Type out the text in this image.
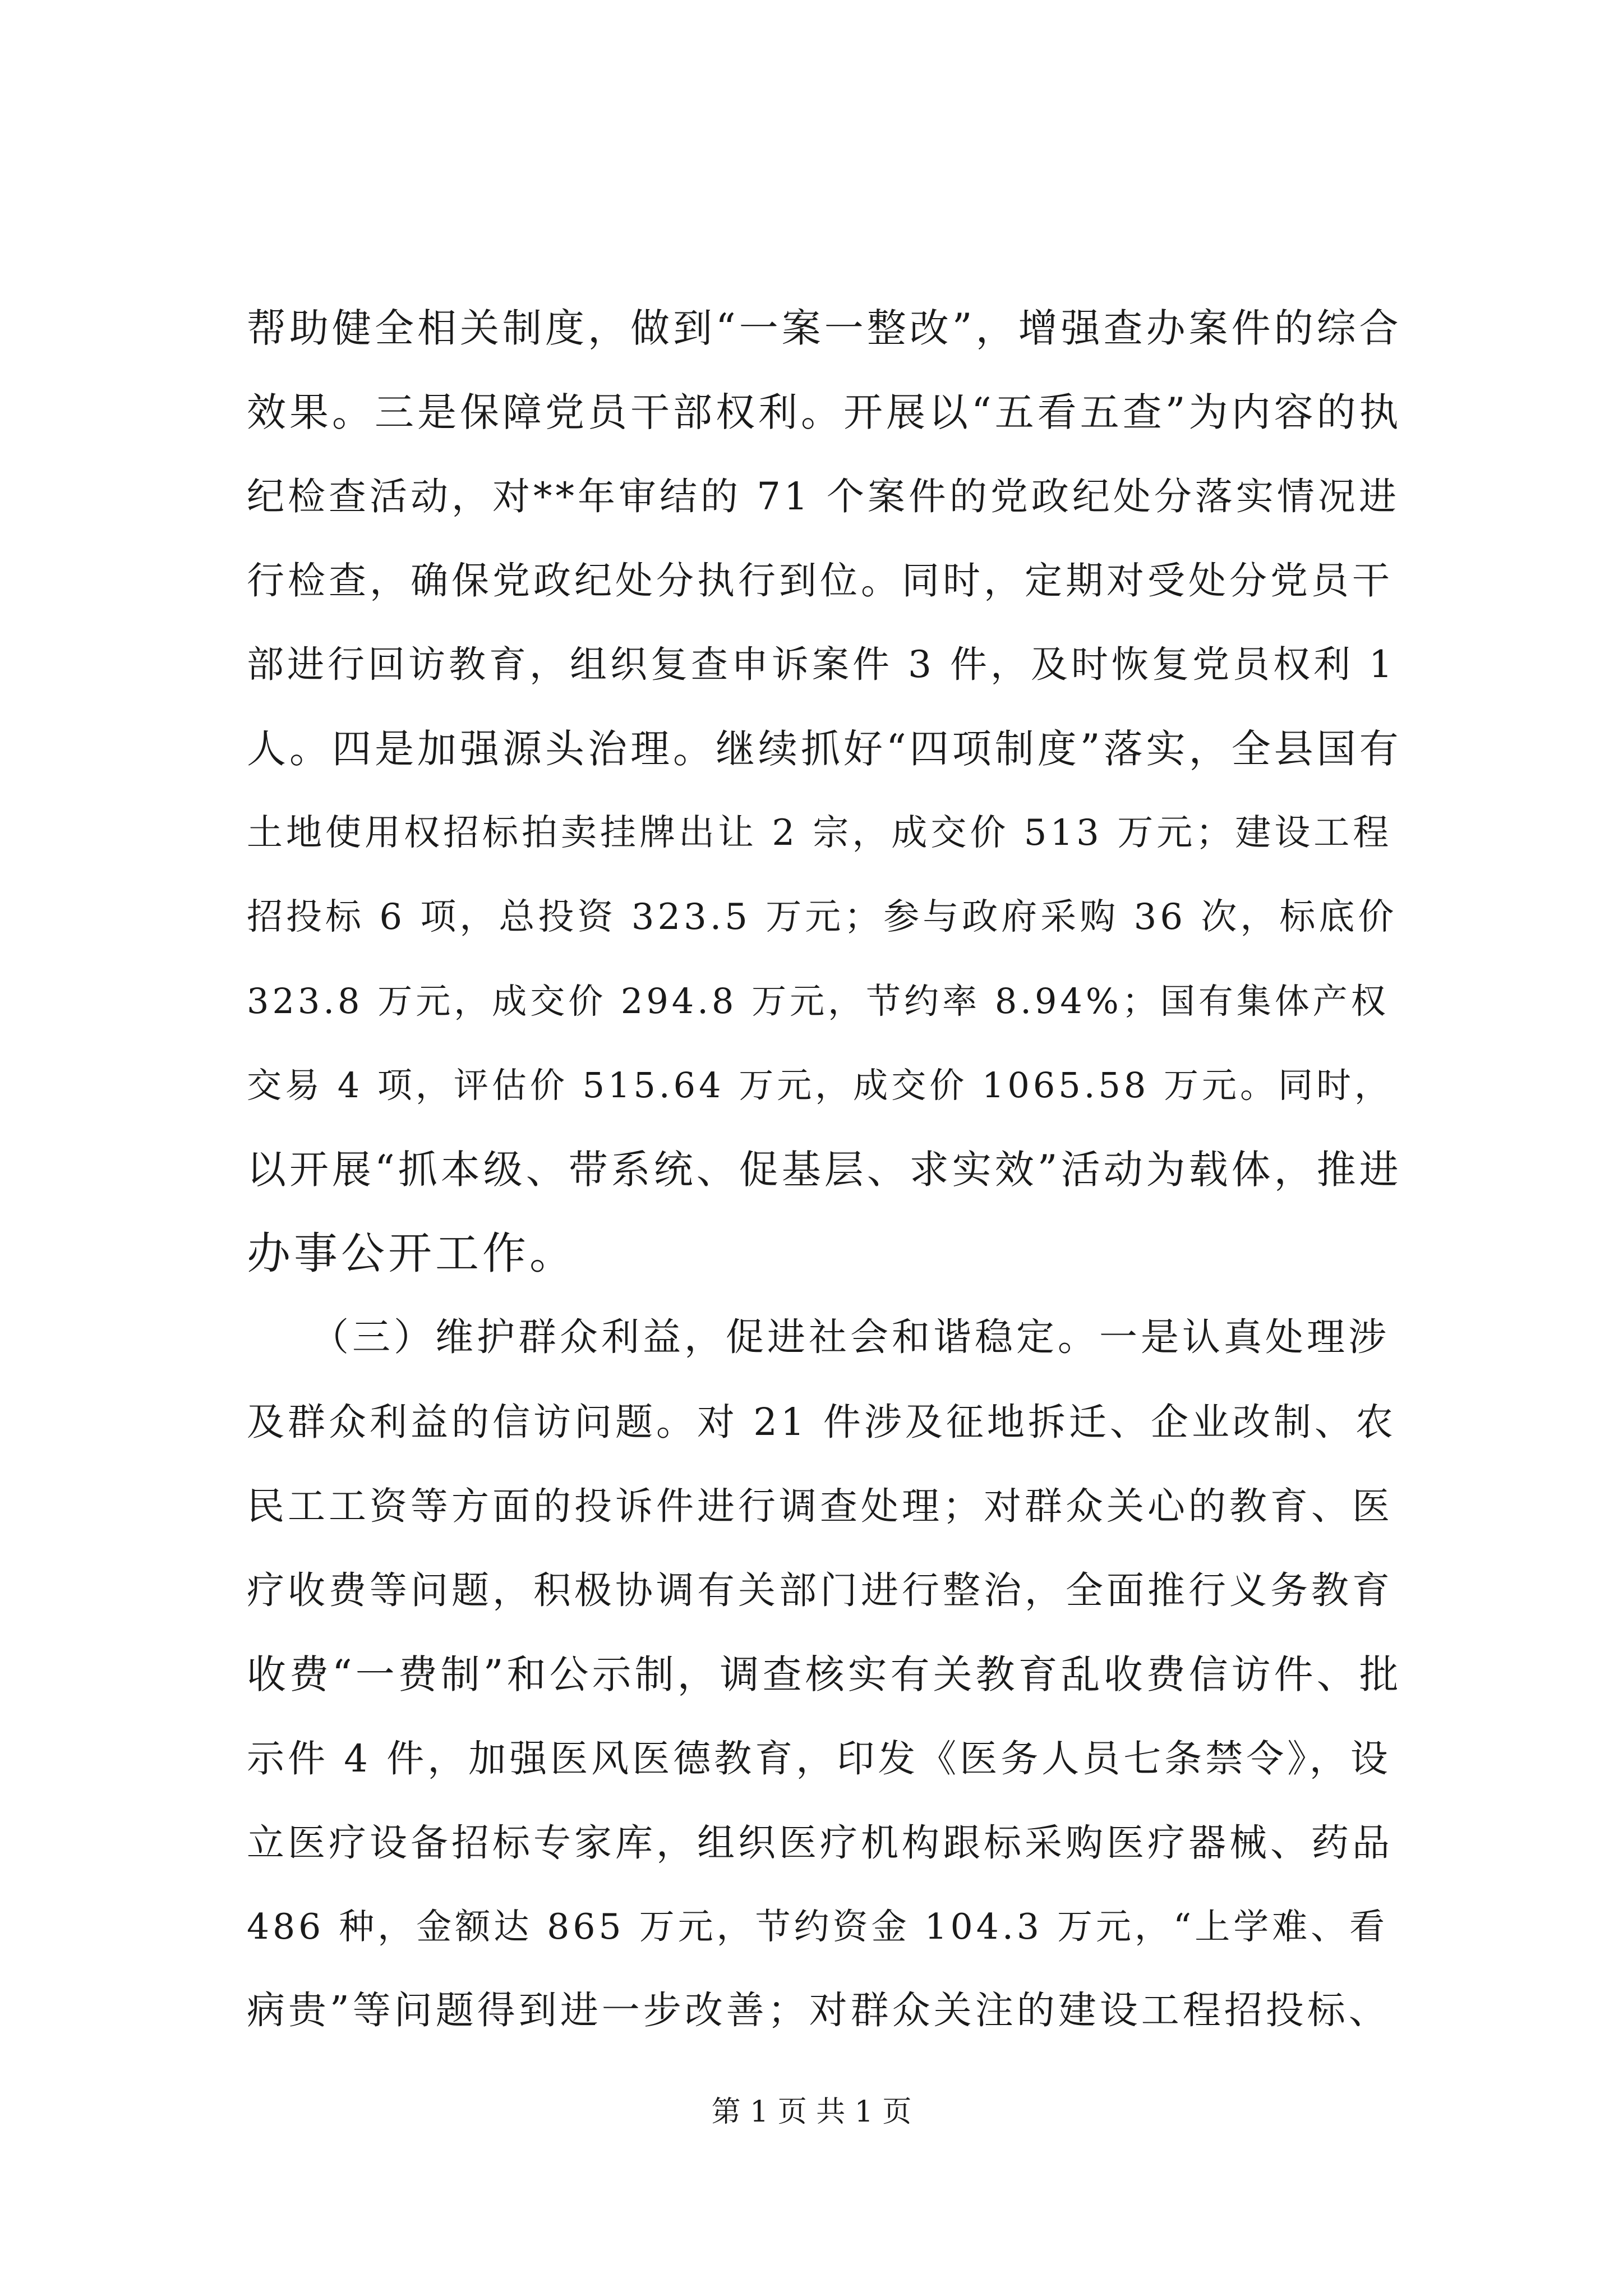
帮助健全相关制度，做到“一案一整改”，增强查办案件的综合
效果。三是保障党员干部权利。开展以“五看五查”为内容的执
纪检查活动，对**年审结的 71 个案件的党政纪处分落实情况进
行检查，确保党政纪处分执行到位。同时，定期对受处分党员干
部进行回访教育，组织复查申诉案件 3 件，及时恢复党员权利 1
人。四是加强源头治理。继续抓好“四项制度”落实，全县国有
土地使用权招标拍卖挂牌出让 2 宗，成交价 513 万元；建设工程
招投标 6 项，总投资 323.5 万元；参与政府采购 36 次，标底价
323.8 万元，成交价 294.8 万元，节约率 8.94%；国有集体产权
交易 4 项，评估价 515.64 万元，成交价 1065.58 万元。同时，
以开展“抓本级、带系统、促基层、求实效”活动为载体，推进
办事公开工作。
　　（三）维护群众利益，促进社会和谐稳定。一是认真处理涉
及群众利益的信访问题。对 21 件涉及征地拆迁、企业改制、农
民工工资等方面的投诉件进行调查处理；对群众关心的教育、医
疗收费等问题，积极协调有关部门进行整治，全面推行义务教育
收费“一费制”和公示制，调查核实有关教育乱收费信访件、批
示件 4 件，加强医风医德教育，印发《医务人员七条禁令》，设
立医疗设备招标专家库，组织医疗机构跟标采购医疗器械、药品
486 种，金额达 865 万元，节约资金 104.3 万元，“上学难、看
病贵”等问题得到进一步改善；对群众关注的建设工程招投标、
第 1 页 共 1 页
